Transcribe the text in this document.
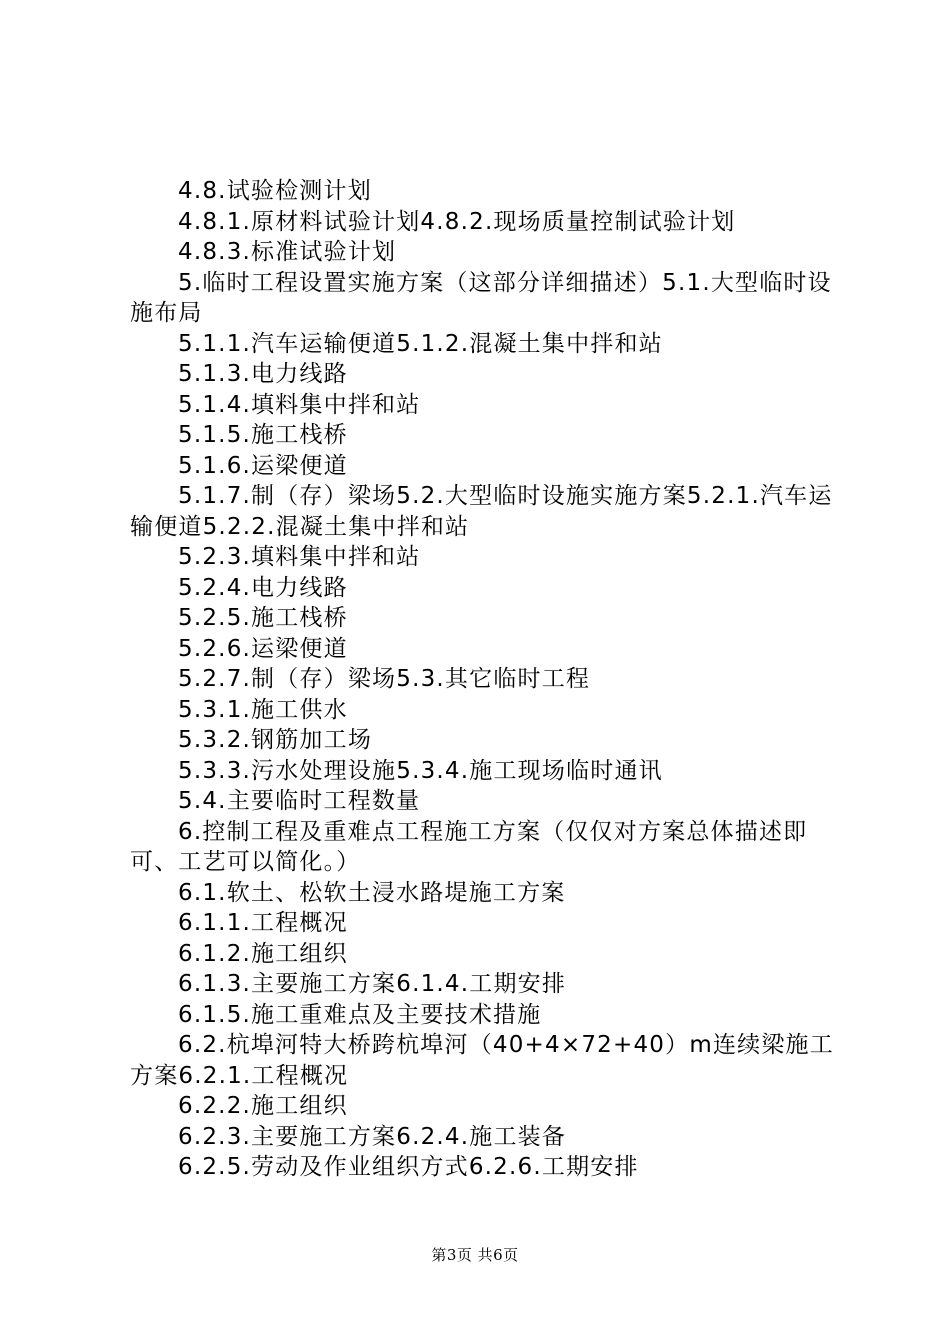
4.8.试验检测计划

4.8.1.原材料试验计划4.8.2.现场质量控制试验计划

4.8.3.标准试验计划

5.临时工程设置实施方案（这部分详细描述）5.1.大型临时设施布局

5.1.1.汽车运输便道5.1.2.混凝土集中拌和站

5.1.3.电力线路

5.1.4.填料集中拌和站

5.1.5.施工栈桥

5.1.6.运梁便道

5.1.7.制（存）梁场5.2.大型临时设施实施方案5.2.1.汽车运输便道5.2.2.混凝土集中拌和站

5.2.3.填料集中拌和站

5.2.4.电力线路

5.2.5.施工栈桥

5.2.6.运梁便道

5.2.7.制（存）梁场5.3.其它临时工程

5.3.1.施工供水

5.3.2.钢筋加工场

5.3.3.污水处理设施5.3.4.施工现场临时通讯

5.4.主要临时工程数量

6.控制工程及重难点工程施工方案（仅仅对方案总体描述即可、工艺可以简化。）

6.1.软土、松软土浸水路堤施工方案

6.1.1.工程概况

6.1.2.施工组织

6.1.3.主要施工方案6.1.4.工期安排

6.1.5.施工重难点及主要技术措施

6.2.杭埠河特大桥跨杭埠河（40+4×72+40）m连续梁施工方案6.2.1.工程概况

6.2.2.施工组织

6.2.3.主要施工方案6.2.4.施工装备

6.2.5.劳动及作业组织方式6.2.6.工期安排

第3页 共6页
